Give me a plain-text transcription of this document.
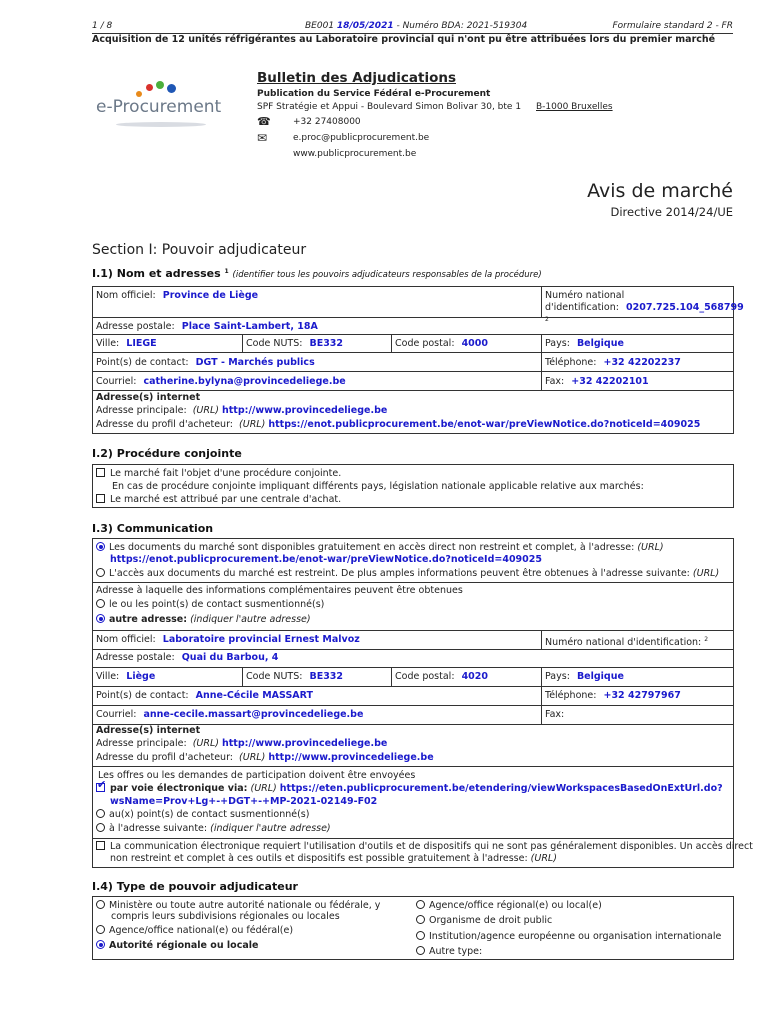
1 / 8	BE001 18/05/2021 - Numéro BDA: 2021-519304	Formulaire standard 2 - FR
Acquisition de 12 unités réfrigérantes au Laboratoire provincial qui n'ont pu être attribuées lors du premier marché
e-Procurement
Bulletin des Adjudications
Publication du Service Fédéral e-Procurement
SPF Stratégie et Appui - Boulevard Simon Bolivar 30, bte 1 B-1000 Bruxelles
☎ +32 27408000
✉	e.proc@publicprocurement.be
www.publicprocurement.be
Avis de marché
Directive 2014/24/UE
Section I: Pouvoir adjudicateur
I.1) Nom et adresses $^1$ (identifier tous les pouvoirs adjudicateurs responsables de la procédure)
Nom officiel: Province de Liège	Numéro national d'identification: $^2$
0207.725.104_568799
Adresse postale: Place Saint-Lambert, 18A
Ville: LIEGE	Code NUTS: BE332	Code postal: 4000	Pays: Belgique
Point(s) de contact: DGT - Marchés publics	Téléphone: +32 42202237
Courriel: catherine.bylyna@provincedeliege.be	Fax: +32 42202101
Adresse(s) internet
Adresse principale: (URL) http://www.provincedeliege.be
Adresse du profil d'acheteur: (URL) https://enot.publicprocurement.be/enot-war/preViewNotice.do?noticeId=409025
I.2) Procédure conjointe
Le marché fait l'objet d'une procédure conjointe.
En cas de procédure conjointe impliquant différents pays, législation nationale applicable relative aux marchés:
Le marché est attribué par une centrale d'achat.
I.3) Communication
Les documents du marché sont disponibles gratuitement en accès direct non restreint et complet, à l'adresse: (URL)
https://enot.publicprocurement.be/enot-war/preViewNotice.do?noticeId=409025
L'accès aux documents du marché est restreint. De plus amples informations peuvent être obtenues à l'adresse suivante: (URL)
Adresse à laquelle des informations complémentaires peuvent être obtenues
le ou les point(s) de contact susmentionné(s)
autre adresse: (indiquer l'autre adresse)
Nom officiel: Laboratoire provincial Ernest Malvoz	Numéro national d'identification: $^2$
Adresse postale: Quai du Barbou, 4
Ville: Liège	Code NUTS: BE332	Code postal: 4020	Pays: Belgique
Point(s) de contact: Anne-Cécile MASSART	Téléphone: +32 42797967
Courriel: anne-cecile.massart@provincedeliege.be	Fax:
Adresse(s) internet
Adresse principale: (URL) http://www.provincedeliege.be
Adresse du profil d'acheteur: (URL) http://www.provincedeliege.be
Les offres ou les demandes de participation doivent être envoyées
✔par voie électronique via: (URL) https://eten.publicprocurement.be/etendering/viewWorkspacesBasedOnExtUrl.do?
wsName=Prov+Lg+-+DGT+-+MP-2021-02149-F02
au(x) point(s) de contact susmentionné(s)
à l'adresse suivante: (indiquer l'autre adresse)
La communication électronique requiert l'utilisation d'outils et de dispositifs qui ne sont pas généralement disponibles. Un accès direct
non restreint et complet à ces outils et dispositifs est possible gratuitement à l'adresse: (URL)
I.4) Type de pouvoir adjudicateur
Ministère ou toute autre autorité nationale ou fédérale, y
compris leurs subdivisions régionales ou locales
Agence/office national(e) ou fédéral(e)
Autorité régionale ou locale
Agence/office régional(e) ou local(e)
Organisme de droit public
Institution/agence européenne ou organisation internationale
Autre type:
